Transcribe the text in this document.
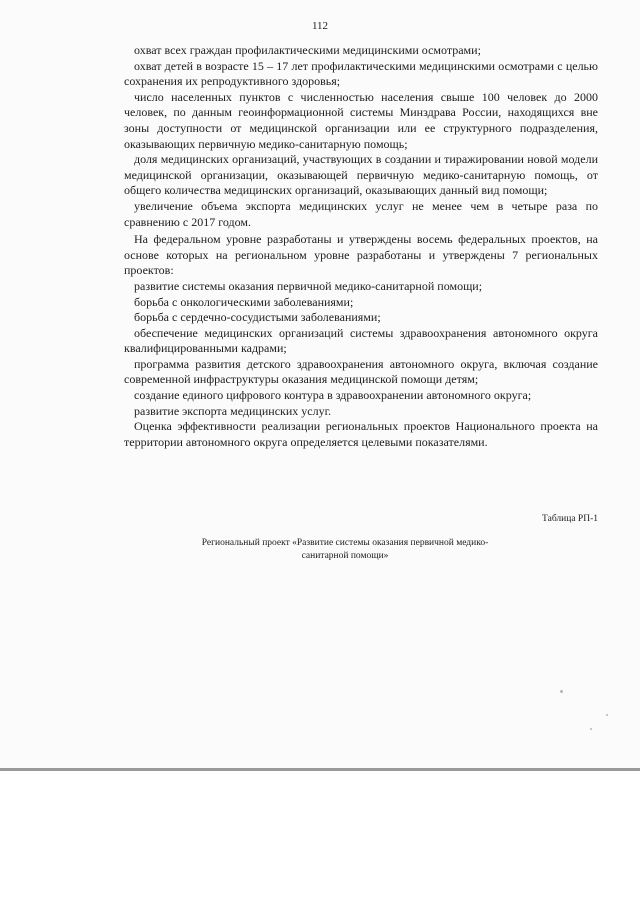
112

охват всех граждан профилактическими медицинскими осмотрами;

охват детей в возрасте 15 – 17 лет профилактическими медицинскими осмотрами с целью сохранения их репродуктивного здоровья;

число населенных пунктов с численностью населения свыше 100 человек до 2000 человек, по данным геоинформационной системы Минздрава России, находящихся вне зоны доступности от медицинской организации или ее структурного подразделения, оказывающих первичную медико-санитарную помощь;

доля медицинских организаций, участвующих в создании и тиражировании новой модели медицинской организации, оказывающей первичную медико-санитарную помощь, от общего количества медицинских организаций, оказывающих данный вид помощи;

увеличение объема экспорта медицинских услуг не менее чем в четыре раза по сравнению с 2017 годом.

На федеральном уровне разработаны и утверждены восемь федеральных проектов, на основе которых на региональном уровне разработаны и утверждены 7 региональных проектов:

развитие системы оказания первичной медико-санитарной помощи;

борьба с онкологическими заболеваниями;

борьба с сердечно-сосудистыми заболеваниями;

обеспечение медицинских организаций системы здравоохранения автономного округа квалифицированными кадрами;

программа развития детского здравоохранения автономного округа, включая создание современной инфраструктуры оказания медицинской помощи детям;

создание единого цифрового контура в здравоохранении автономного округа;

развитие экспорта медицинских услуг.

Оценка эффективности реализации региональных проектов Национального проекта на территории автономного округа определяется целевыми показателями.

Таблица РП-1
Региональный проект «Развитие системы оказания первичной медико-санитарной помощи»
